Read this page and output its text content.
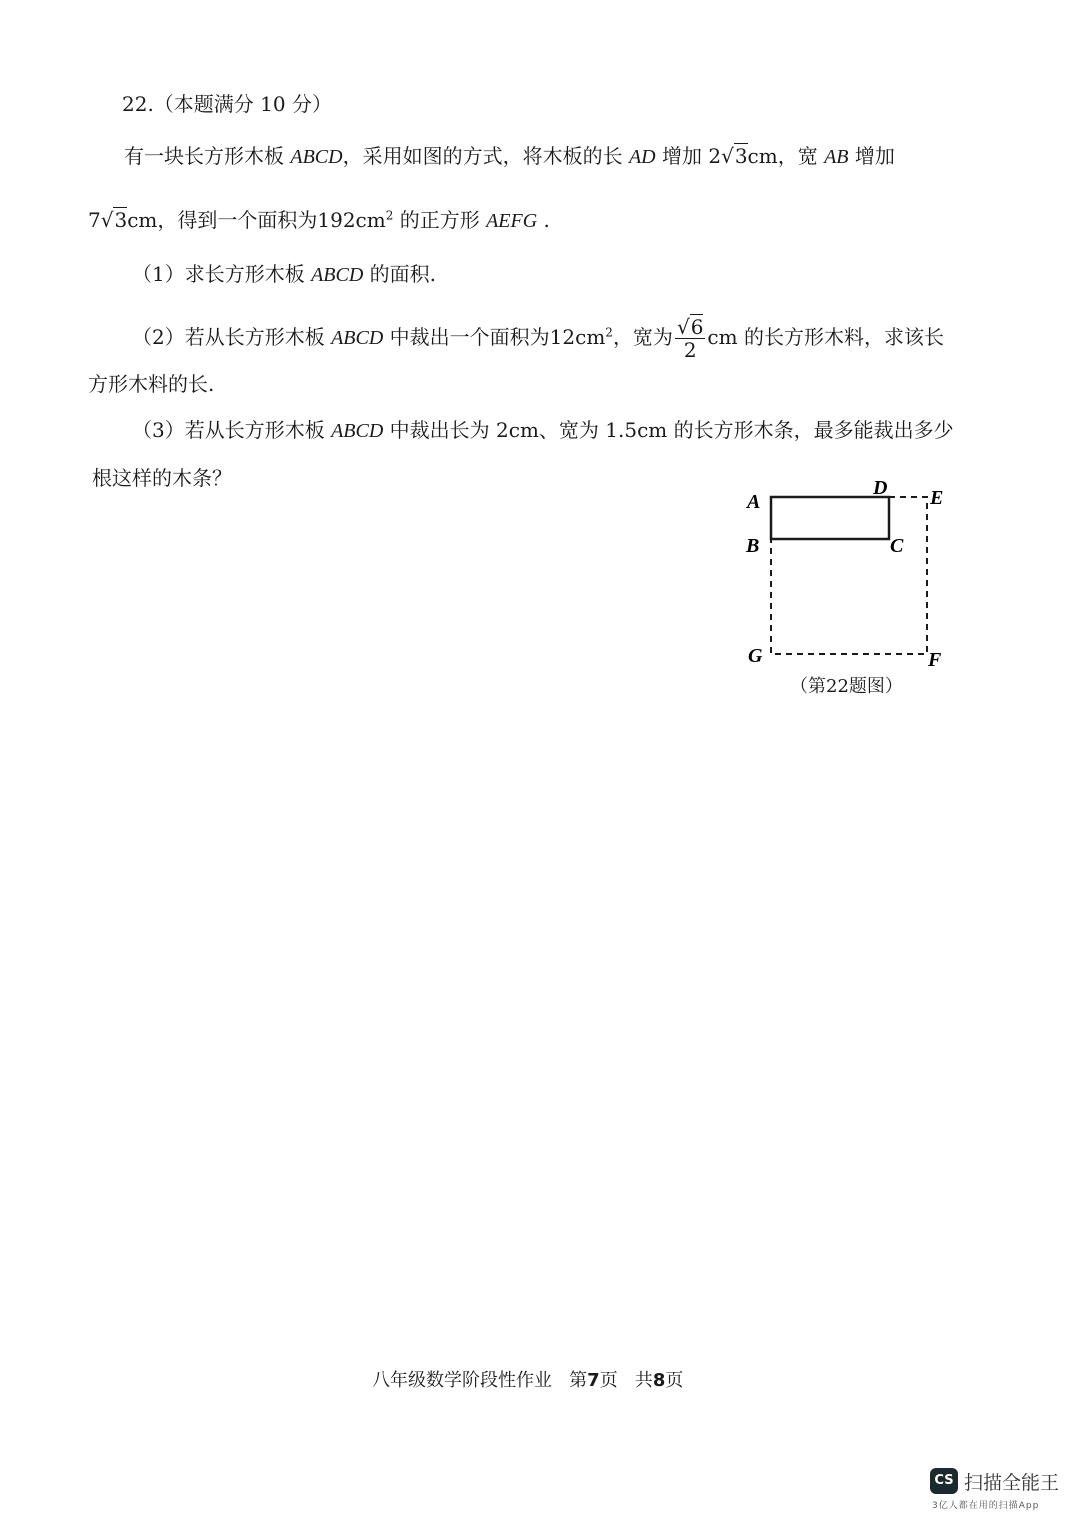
22.（本题满分 10 分）
有一块长方形木板 ABCD，采用如图的方式，将木板的长 AD 增加 2√3cm，宽 AB 增加
7√3cm，得到一个面积为$192cm^2$ 的正方形 AEFG .
（1）求长方形木板 ABCD 的面积.
（2）若从长方形木板 ABCD 中裁出一个面积为$12cm^2$，宽为 $\frac{√6}{2}$ cm 的长方形木料，求该长
方形木料的长.
（3）若从长方形木板 ABCD 中裁出长为 2cm、宽为 1.5cm 的长方形木条，最多能裁出多少
根这样的木条？
A
B	C
D E
F
G
（第22题图）
八年级数学阶段性作业 第7页 共8页
CS 扫描全能王
3亿人都在用的扫描App
